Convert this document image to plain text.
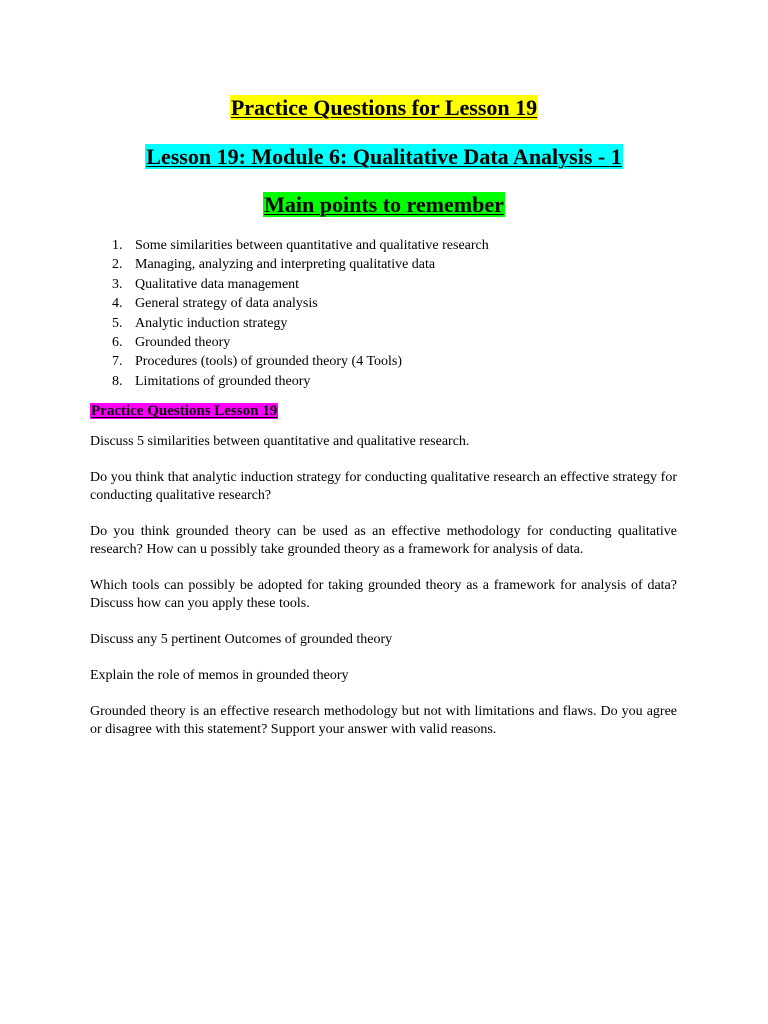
Practice Questions for Lesson 19
Lesson 19: Module 6: Qualitative Data Analysis - 1
Main points to remember
1. Some similarities between quantitative and qualitative research
2. Managing, analyzing and interpreting qualitative data
3. Qualitative data management
4. General strategy of data analysis
5. Analytic induction strategy
6. Grounded theory
7. Procedures (tools) of grounded theory (4 Tools)
8. Limitations of grounded theory
Practice Questions Lesson 19

Discuss 5 similarities between quantitative and qualitative research.

Do you think that analytic induction strategy for conducting qualitative research an effective strategy for conducting qualitative research?

Do you think grounded theory can be used as an effective methodology for conducting qualitative research? How can u possibly take grounded theory as a framework for analysis of data.

Which tools can possibly be adopted for taking grounded theory as a framework for analysis of data? Discuss how can you apply these tools.

Discuss any 5 pertinent Outcomes of grounded theory

Explain the role of memos in grounded theory

Grounded theory is an effective research methodology but not with limitations and flaws. Do you agree or disagree with this statement? Support your answer with valid reasons.
